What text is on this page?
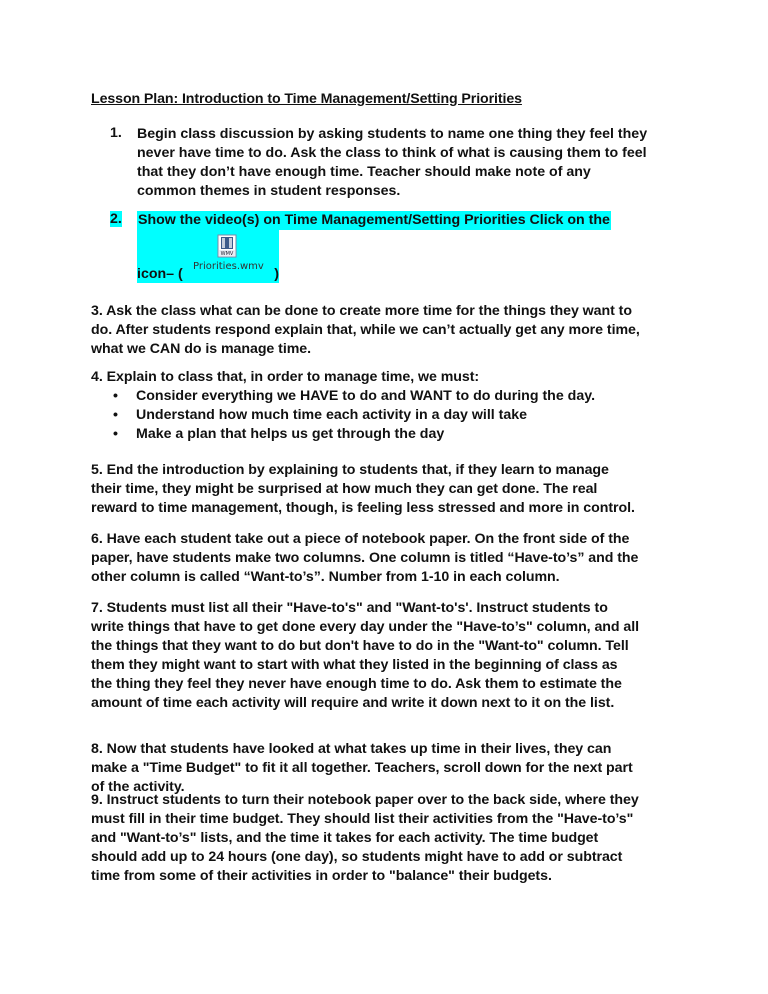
Lesson Plan: Introduction to Time Management/Setting Priorities
1. Begin class discussion by asking students to name one thing they feel they
never have time to do. Ask the class to think of what is causing them to feel
that they don’t have enough time. Teacher should make note of any
common themes in student responses.
2. Show the video(s) on Time Management/Setting Priorities Click on the
icon– (
WMV
Priorities.wmv )
3. Ask the class what can be done to create more time for the things they want to
do. After students respond explain that, while we can’t actually get any more time,
what we CAN do is manage time.
4. Explain to class that, in order to manage time, we must:
• Consider everything we HAVE to do and WANT to do during the day.
• Understand how much time each activity in a day will take
• Make a plan that helps us get through the day
5. End the introduction by explaining to students that, if they learn to manage
their time, they might be surprised at how much they can get done. The real
reward to time management, though, is feeling less stressed and more in control.
6. Have each student take out a piece of notebook paper. On the front side of the
paper, have students make two columns. One column is titled “Have-to’s” and the
other column is called “Want-to’s”. Number from 1-10 in each column.
7. Students must list all their "Have-to's" and "Want-to's'. Instruct students to
write things that have to get done every day under the "Have-to’s" column, and all
the things that they want to do but don't have to do in the "Want-to" column. Tell
them they might want to start with what they listed in the beginning of class as
the thing they feel they never have enough time to do. Ask them to estimate the
amount of time each activity will require and write it down next to it on the list.
8. Now that students have looked at what takes up time in their lives, they can
make a "Time Budget" to fit it all together. Teachers, scroll down for the next part
of the activity.
9. Instruct students to turn their notebook paper over to the back side, where they
must fill in their time budget. They should list their activities from the "Have-to’s"
and "Want-to’s" lists, and the time it takes for each activity. The time budget
should add up to 24 hours (one day), so students might have to add or subtract
time from some of their activities in order to "balance" their budgets.
